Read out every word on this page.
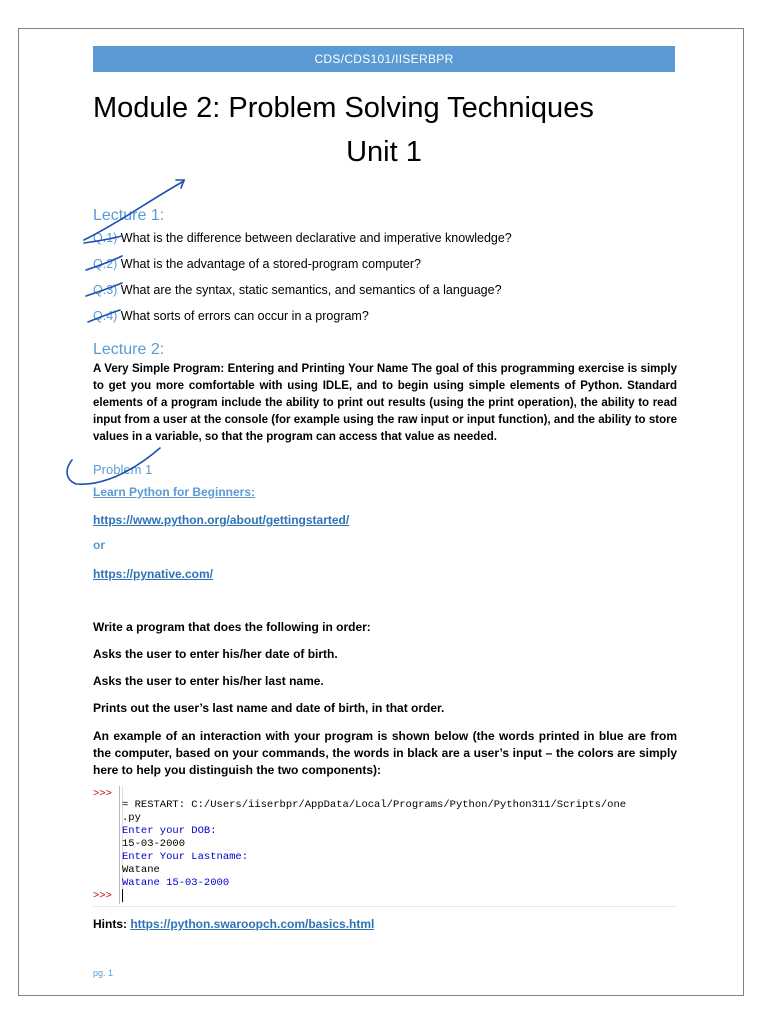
CDS/CDS101/IISERBPR
Module 2: Problem Solving Techniques
Unit 1
Lecture 1:
Q.1) What is the difference between declarative and imperative knowledge?
Q.2) What is the advantage of a stored-program computer?
Q.3) What are the syntax, static semantics, and semantics of a language?
Q.4) What sorts of errors can occur in a program?
Lecture 2:
A Very Simple Program: Entering and Printing Your Name The goal of this programming exercise is simply to get you more comfortable with using IDLE, and to begin using simple elements of Python. Standard elements of a program include the ability to print out results (using the print operation), the ability to read input from a user at the console (for example using the raw input or input function), and the ability to store values in a variable, so that the program can access that value as needed.
Problem 1
Learn Python for Beginners:
https://www.python.org/about/gettingstarted/
or
https://pynative.com/
Write a program that does the following in order:
Asks the user to enter his/her date of birth.
Asks the user to enter his/her last name.
Prints out the user’s last name and date of birth, in that order.
An example of an interaction with your program is shown below (the words printed in blue are from the computer, based on your commands, the words in black are a user’s input – the colors are simply here to help you distinguish the two components):
>>>
= RESTART: C:/Users/iiserbpr/AppData/Local/Programs/Python/Python311/Scripts/one
.py
Enter your DOB:
15-03-2000
Enter Your Lastname:
Watane
Watane 15-03-2000
>>>
Hints: https://python.swaroopch.com/basics.html
pg. 1
